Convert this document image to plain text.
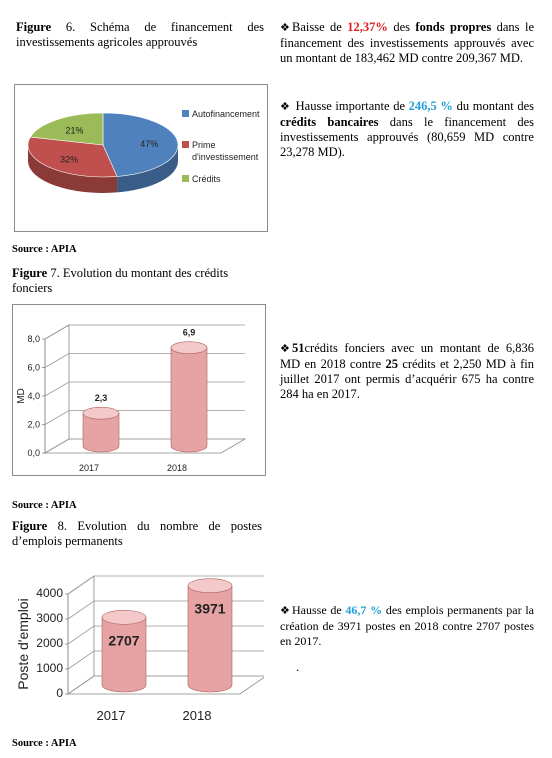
Figure 6. Schéma de financement des investissements agricoles approuvés
47%
32%
21%
Autofinancement
Prime
d'investissement
Crédits
Source : APIA
❖ Baisse de 12,37% des fonds propres dans le financement des investissements approuvés avec un montant de 183,462 MD contre 209,367 MD.
❖ Hausse importante de 246,5 % du montant des crédits bancaires dans le financement des investissements approuvés (80,659 MD contre 23,278 MD).
Figure 7. Evolution du montant des crédits fonciers
0,0
2,0
4,0
6,0
8,0
MD	2,3
2017
6,9
2018
Source : APIA
❖ 51crédits fonciers avec un montant de 6,836 MD en 2018 contre 25 crédits et 2,250 MD à fin juillet 2017 ont permis d’acquérir 675 ha contre 284 ha en 2017.
Figure 8. Evolution du nombre de postes d’emplois permanents
0
1000
2000
3000
4000
Poste d'emploi	2707
2017
3971
2018
Source : APIA
❖ Hausse de 46,7 % des emplois permanents par la création de 3971 postes en 2018 contre 2707 postes en 2017.
.
